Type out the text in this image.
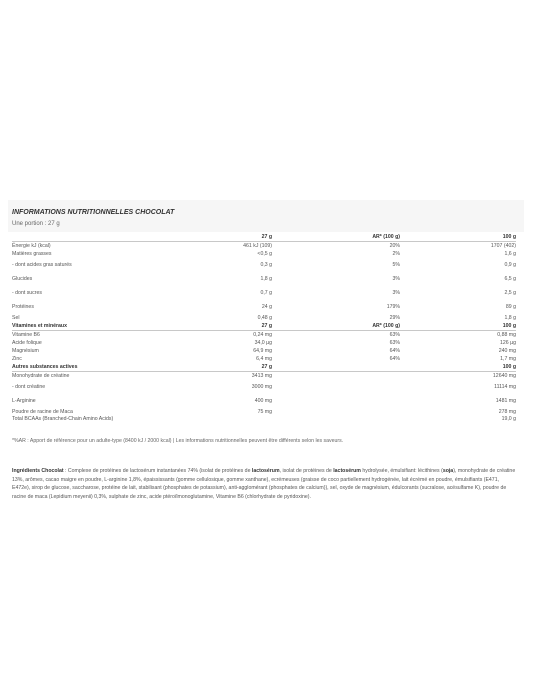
INFORMATIONS NUTRITIONNELLES CHOCOLAT
Une portion : 27 g
	27 g	AR* (100 g)	100 g
Énergie kJ (kcal)	461 kJ (109)	20%	1707 (402)
Matières grasses	<0,5 g	2%	1,6 g
- dont acides gras saturés	0,3 g	5%	0,9 g
Glucides	1,8 g	3%	6,5 g
- dont sucres	0,7 g	3%	2,5 g
Protéines	24 g	179%	89 g
Sel	0,48 g	29%	1,8 g
Vitamines et minéraux	27 g	AR* (100 g)	100 g
Vitamine B6	0,24 mg	63%	0,88 mg
Acide folique	34,0 µg	63%	126 µg
Magnésium	64,9 mg	64%	240 mg
Zinc	6,4 mg	64%	1,7 mg
Autres substances actives	27 g		100 g
Monohydrate de créatine	3413 mg		12640 mg
- dont créatine	3000 mg		11114 mg
L-Arginine	400 mg		1481 mg
Poudre de racine de Maca	75 mg		278 mg
Total BCAAs (Branched-Chain Amino Acids)			19,0 g
*%AR : Apport de référence pour un adulte-type (8400 kJ / 2000 kcal) | Les informations nutritionnelles peuvent être différents selon les saveurs.
Ingrédients Chocolat : Complexe de protéines de lactosérum instantanées 74% (isolat de protéines de lactosérum, isolat de protéines de lactosérum hydrolysée, émulsifiant: lécithines (soja), monohydrate de créatine 13%, arômes, cacao maigre en poudre, L-arginine 1,8%, épaississants (gomme cellulosique, gomme xanthane), ecrémeuses (graisse de coco partiellement hydrogénée, lait écrémé en poudre, émulsifiants (E471, E472e), sirop de glucose, saccharose, protéine de lait, stabilisant (phosphates de potassium), anti-agglomérant (phosphates de calcium)), sel, oxyde de magnésium, édulcorants (sucralose, acésulfame K), poudre de racine de maca (Lepidium meyenii) 0,3%, sulphate de zinc, acide ptéroïlmonoglutamine, Vitamine B6 (chlorhydrate de pyridoxine).
